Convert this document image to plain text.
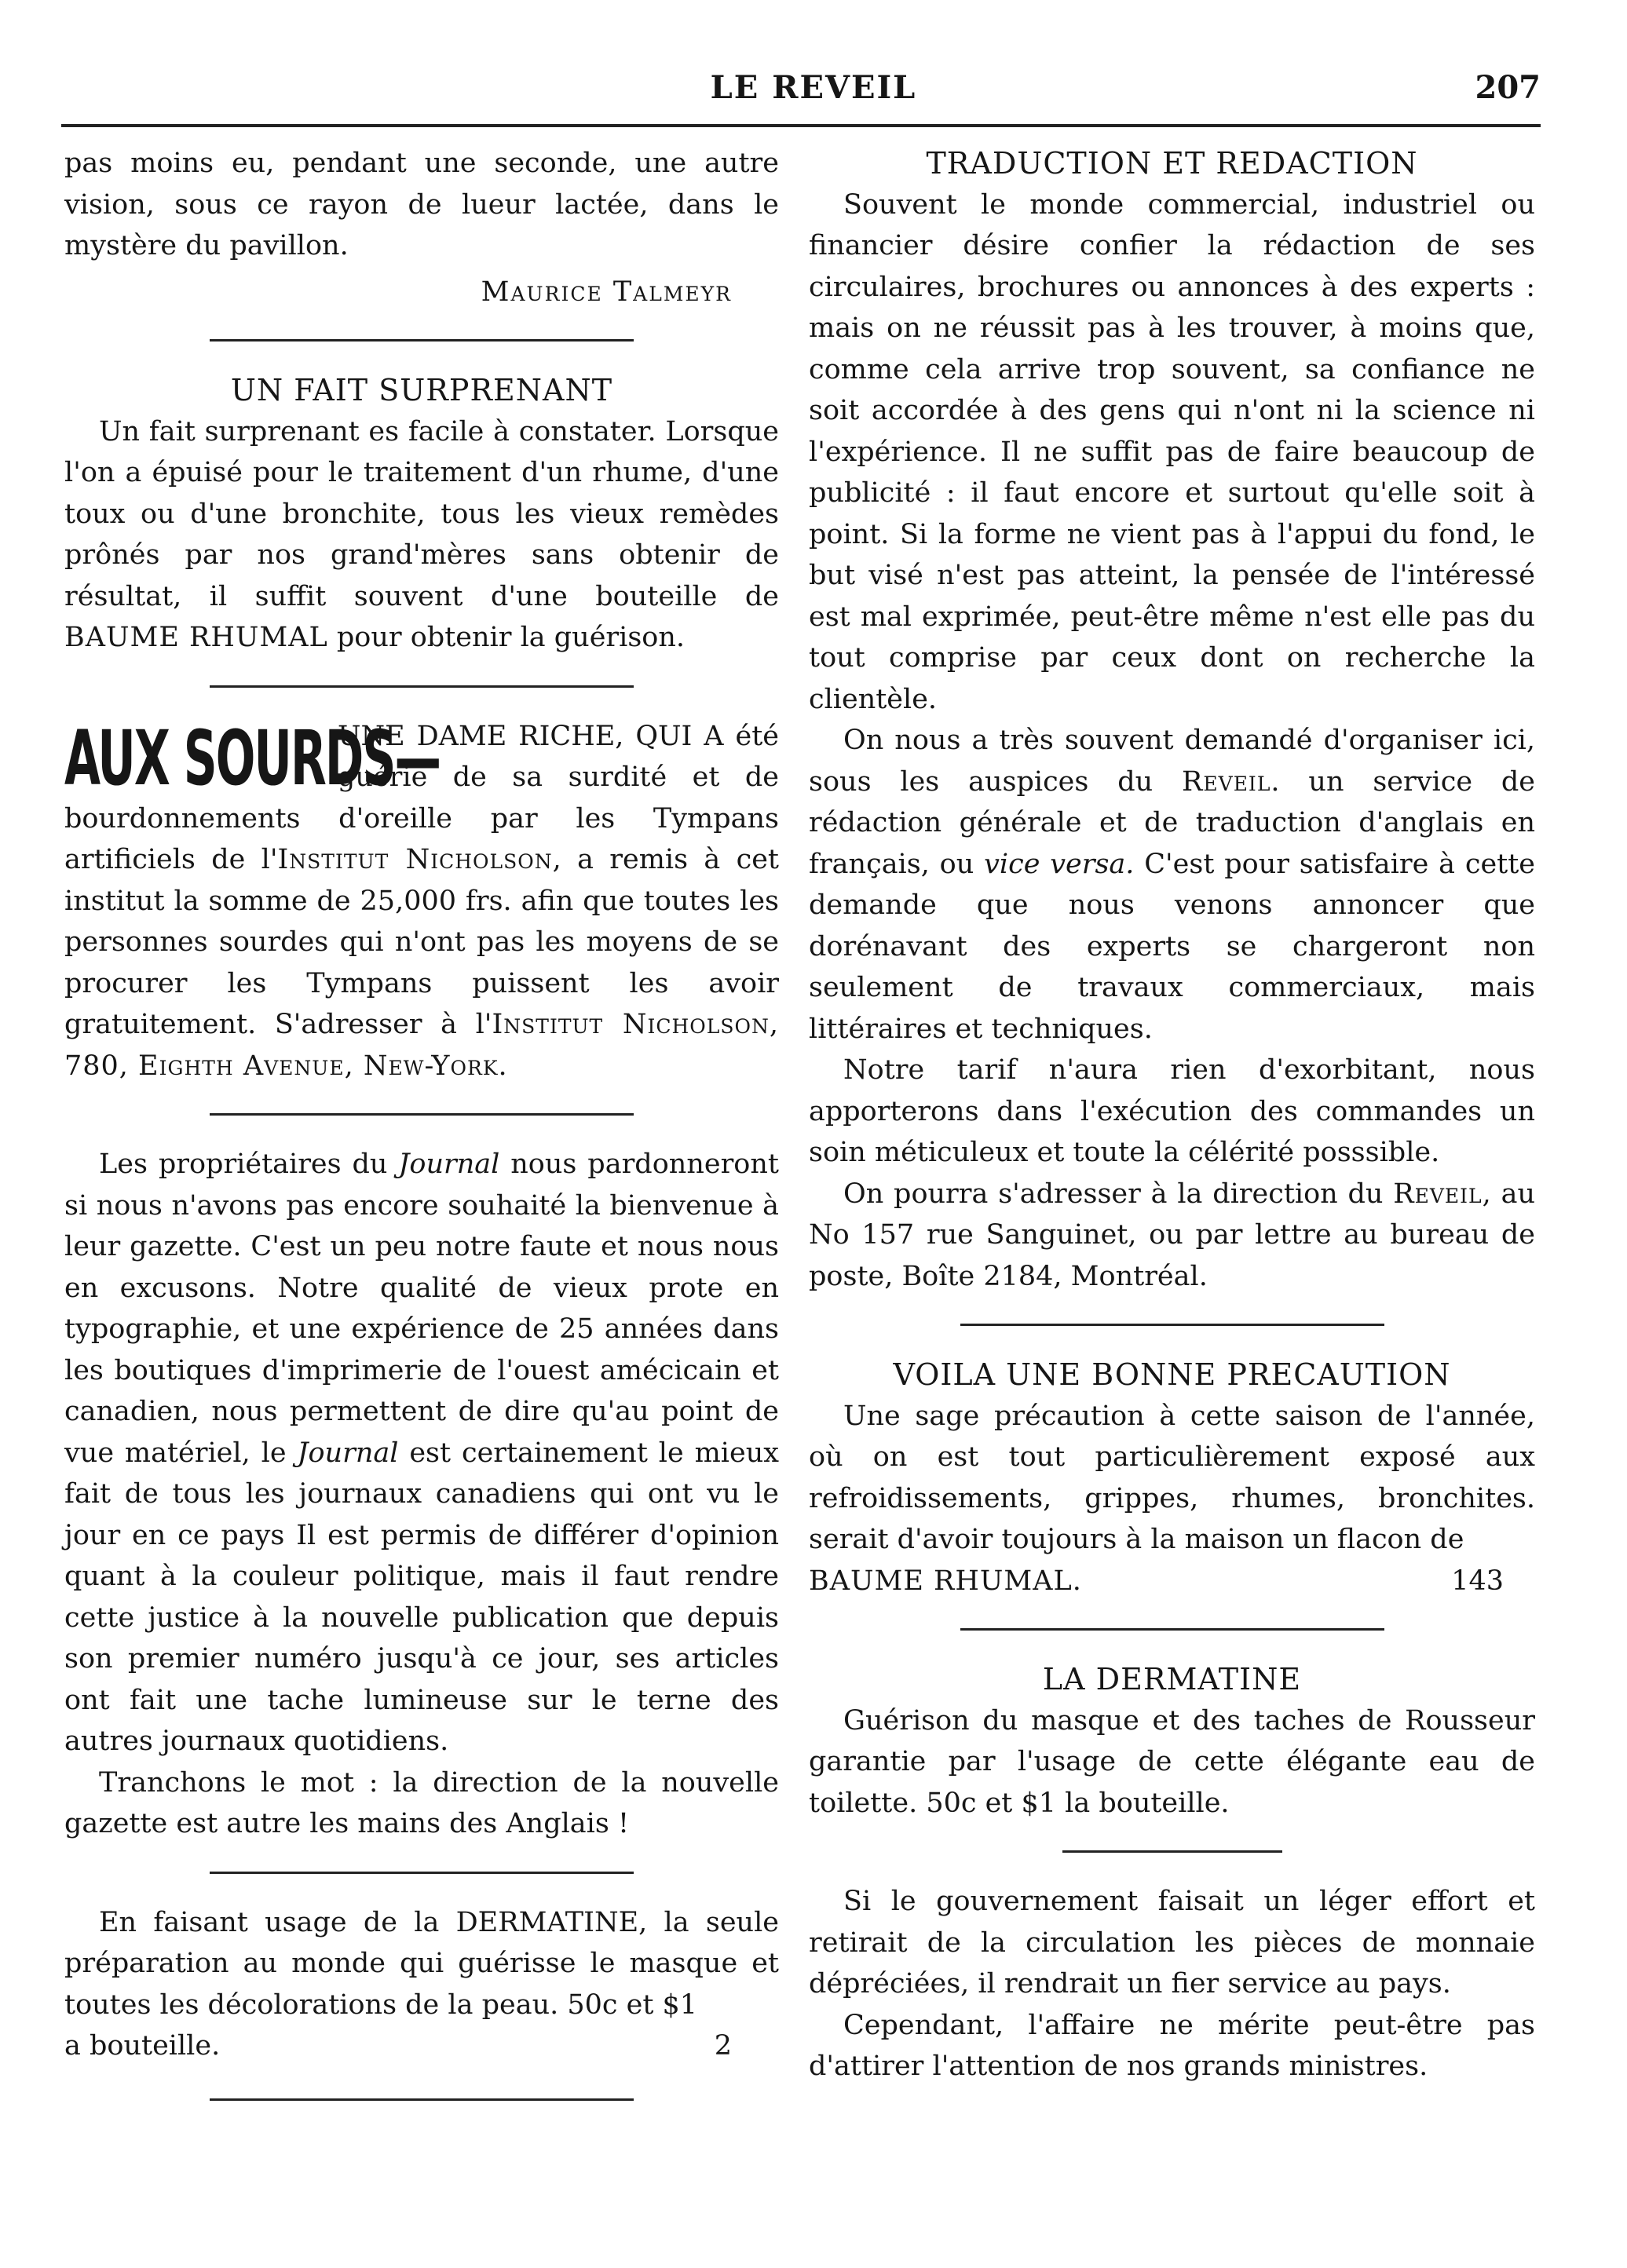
LE REVEIL	207

pas moins eu, pendant une seconde, une autre vision, sous ce rayon de lueur lactée, dans le mystère du pavillon.

Maurice Talmeyr
UN FAIT SURPRENANT

Un fait surprenant es facile à constater. Lorsque l'on a épuisé pour le traitement d'un rhume, d'une toux ou d'une bronchite, tous les vieux remèdes prônés par nos grand'mères sans obtenir de résultat, il suffit souvent d'une bouteille de BAUME RHUMAL pour obtenir la guérison.

AUX SOURDS—

UNE DAME RICHE, QUI A été guérie de sa surdité et de bourdonnements d'oreille par les Tympans artificiels de l'Institut Nicholson, a remis à cet institut la somme de 25,000 frs. afin que toutes les personnes sourdes qui n'ont pas les moyens de se procurer les Tympans puissent les avoir gratuitement. S'adresser à l'Institut Nicholson, 780, Eighth Avenue, New-York.

Les propriétaires du Journal nous pardonneront si nous n'avons pas encore souhaité la bienvenue à leur gazette. C'est un peu notre faute et nous nous en excusons. Notre qualité de vieux prote en typographie, et une expérience de 25 années dans les boutiques d'imprimerie de l'ouest amécicain et canadien, nous permettent de dire qu'au point de vue matériel, le Journal est certainement le mieux fait de tous les journaux canadiens qui ont vu le jour en ce pays Il est permis de différer d'opinion quant à la couleur politique, mais il faut rendre cette justice à la nouvelle publication que depuis son premier numéro jusqu'à ce jour, ses articles ont fait une tache lumineuse sur le terne des autres journaux quotidiens.

Tranchons le mot : la direction de la nouvelle gazette est autre les mains des Anglais !

En faisant usage de la DERMATINE, la seule préparation au monde qui guérisse le masque et toutes les décolorations de la peau. 50c et $1

a bouteille.	2
TRADUCTION ET REDACTION

Souvent le monde commercial, industriel ou financier désire confier la rédaction de ses circulaires, brochures ou annonces à des experts : mais on ne réussit pas à les trouver, à moins que, comme cela arrive trop souvent, sa confiance ne soit accordée à des gens qui n'ont ni la science ni l'expérience. Il ne suffit pas de faire beaucoup de publicité : il faut encore et surtout qu'elle soit à point. Si la forme ne vient pas à l'appui du fond, le but visé n'est pas atteint, la pensée de l'intéressé est mal exprimée, peut-être même n'est elle pas du tout comprise par ceux dont on recherche la clientèle.

On nous a très souvent demandé d'organiser ici, sous les auspices du Reveil. un service de rédaction générale et de traduction d'anglais en français, ou vice versa. C'est pour satisfaire à cette demande que nous venons annoncer que dorénavant des experts se chargeront non seulement de travaux commerciaux, mais littéraires et techniques.

Notre tarif n'aura rien d'exorbitant, nous apporterons dans l'exécution des commandes un soin méticuleux et toute la célérité posssible.

On pourra s'adresser à la direction du Reveil, au No 157 rue Sanguinet, ou par lettre au bureau de poste, Boîte 2184, Montréal.

VOILA UNE BONNE PRECAUTION

Une sage précaution à cette saison de l'année, où on est tout particulièrement exposé aux refroidissements, grippes, rhumes, bronchites. serait d'avoir toujours à la maison un flacon de

BAUME RHUMAL.	143
LA DERMATINE

Guérison du masque et des taches de Rousseur garantie par l'usage de cette élégante eau de toilette. 50c et $1 la bouteille.

Si le gouvernement faisait un léger effort et retirait de la circulation les pièces de monnaie dépréciées, il rendrait un fier service au pays.

Cependant, l'affaire ne mérite peut-être pas d'attirer l'attention de nos grands ministres.
